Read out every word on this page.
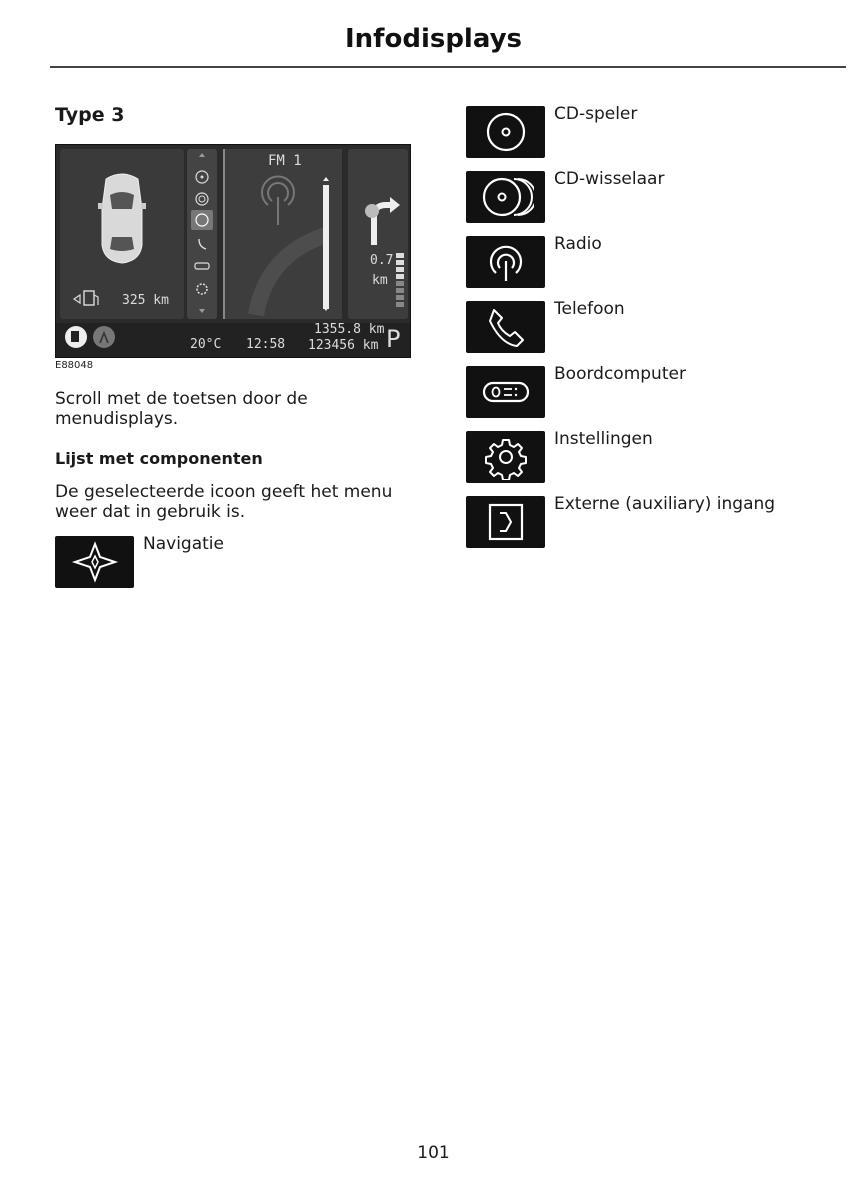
Infodisplays
Type 3
FM 1
0.7
km
325 km
20°C 12:58
1355.8 km
123456 km P
E88048

Scroll met de toetsen door de menudisplays.

Lijst met componenten

De geselecteerde icoon geeft het menu weer dat in gebruik is.

Navigatie
CD-speler
CD-wisselaar
Radio
Telefoon
Boordcomputer
Instellingen
Externe (auxiliary) ingang
101
